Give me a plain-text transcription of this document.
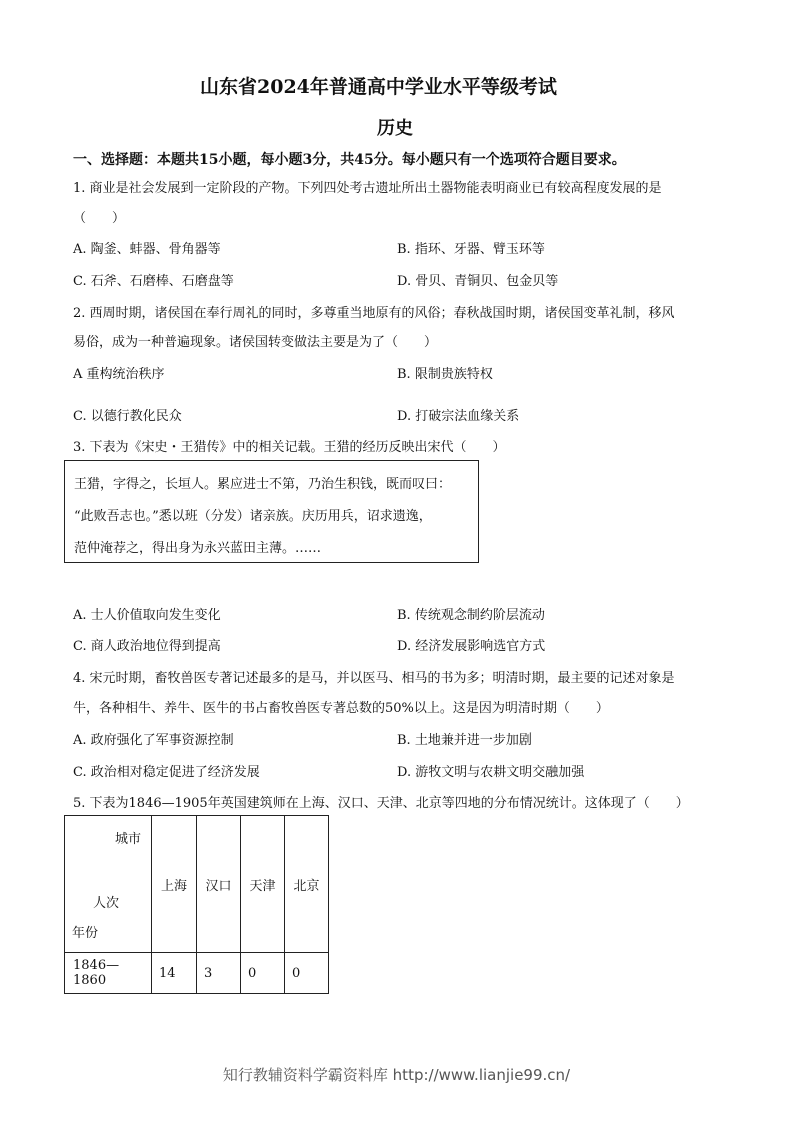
山东省2024年普通高中学业水平等级考试
历史
一、选择题：本题共15小题，每小题3分，共45分。每小题只有一个选项符合题目要求。
1. 商业是社会发展到一定阶段的产物。下列四处考古遗址所出土器物能表明商业已有较高程度发展的是
（　　）
A. 陶釜、蚌器、骨角器等	B. 指环、牙器、臂玉环等
C. 石斧、石磨棒、石磨盘等	D. 骨贝、青铜贝、包金贝等
2. 西周时期，诸侯国在奉行周礼的同时，多尊重当地原有的风俗；春秋战国时期，诸侯国变革礼制，移风
易俗，成为一种普遍现象。诸侯国转变做法主要是为了（　　）
A 重构统治秩序	B. 限制贵族特权
C. 以德行教化民众	D. 打破宗法血缘关系
3. 下表为《宋史・王猎传》中的相关记载。王猎的经历反映出宋代（　　）
王猎，字得之，长垣人。累应进士不第，乃治生积钱，既而叹曰：
“此败吾志也。”悉以班（分发）诸亲族。庆历用兵，诏求遗逸，
范仲淹荐之，得出身为永兴蓝田主薄。……
A. 士人价值取向发生变化	B. 传统观念制约阶层流动
C. 商人政治地位得到提高	D. 经济发展影响选官方式
4. 宋元时期，畜牧兽医专著记述最多的是马，并以医马、相马的书为多；明清时期，最主要的记述对象是
牛，各种相牛、养牛、医牛的书占畜牧兽医专著总数的50%以上。这是因为明清时期（　　）
A. 政府强化了军事资源控制	B. 土地兼并进一步加剧
C. 政治相对稳定促进了经济发展	D. 游牧文明与农耕文明交融加强
5. 下表为1846—1905年英国建筑师在上海、汉口、天津、北京等四地的分布情况统计。这体现了（　　）
城市
人次
年份	上海	汉口	天津	北京
1846—1860	14	3	0	0
知行教辅资料学霸资料库 http://www.lianjie99.cn/
